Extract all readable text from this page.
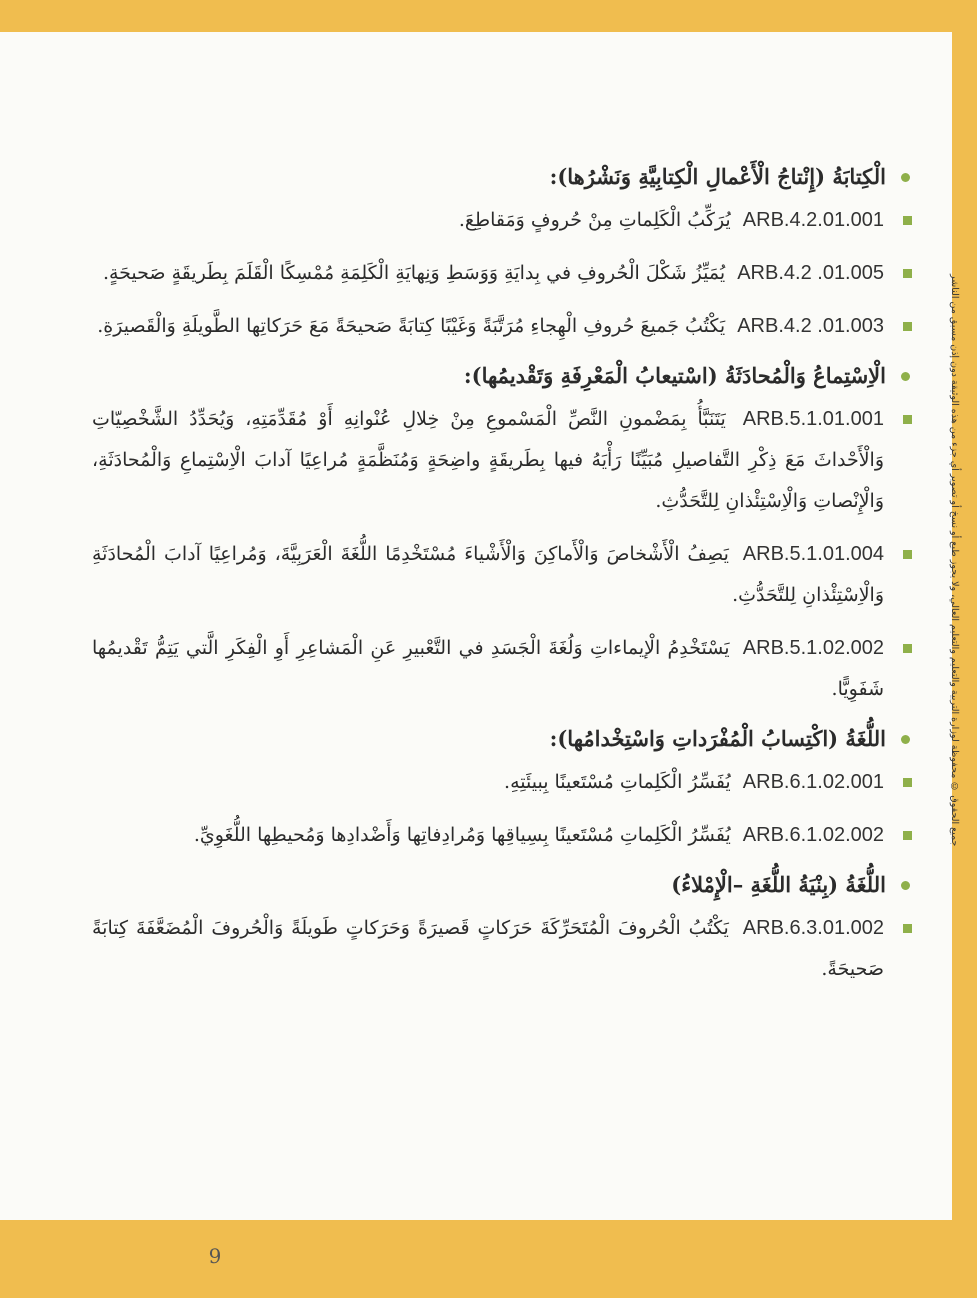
جميع الحقوق © محفوظة لوزارة التربية والتعليم والتعليم العالي، ولا يجوز طبع أو نسخ أو تصوير أي جزء من هذه الوثيقة دون إذن مسبق من الناشر
الْكِتابَةُ (إِنْتاجُ الْأَعْمالِ الْكِتابِيَّةِ وَنَشْرُها):
ARB.4.2.01.001 يُرَكِّبُ الْكَلِماتِ مِنْ حُروفٍ وَمَقاطِعَ.
ARB.4.2 .01.005 يُمَيِّزُ شَكْلَ الْحُروفِ في بِدايَةِ وَوَسَطِ وَنِهايَةِ الْكَلِمَةِ مُمْسِكًا الْقَلَمَ بِطَريقَةٍ صَحيحَةٍ.
ARB.4.2 .01.003 يَكْتُبُ جَميعَ حُروفِ الْهِجاءِ مُرَتَّبَةً وَغَيْبًا كِتابَةً صَحيحَةً مَعَ حَرَكاتِها الطَّويلَةِ وَالْقَصيرَةِ.
الْاِسْتِماعُ وَالْمُحادَثَةُ (اسْتيعابُ الْمَعْرِفَةِ وَتَقْديمُها):
ARB.5.1.01.001 يَتَنَبَّأُ بِمَضْمونِ النَّصِّ الْمَسْموعِ مِنْ خِلالِ عُنْوانِهِ أَوْ مُقَدِّمَتِهِ، وَيُحَدِّدُ الشَّخْصِيّاتِ وَالْأَحْداثَ مَعَ ذِكْرِ التَّفاصيلِ مُبَيِّنًا رَأْيَهُ فيها بِطَريقَةٍ واضِحَةٍ وَمُنَظَّمَةٍ مُراعِيًا آدابَ الْاِسْتِماعِ وَالْمُحادَثَةِ، وَالْإِنْصاتِ وَالْاِسْتِئْذانِ لِلتَّحَدُّثِ.
ARB.5.1.01.004 يَصِفُ الْأَشْخاصَ وَالْأَماكِنَ وَالْأَشْياءَ مُسْتَخْدِمًا اللُّغَةَ الْعَرَبِيَّةَ، وَمُراعِيًا آدابَ الْمُحادَثَةِ وَالْاِسْتِئْذانِ لِلتَّحَدُّثِ.
ARB.5.1.02.002 يَسْتَخْدِمُ الْإيماءاتِ وَلُغَةَ الْجَسَدِ في التَّعْبيرِ عَنِ الْمَشاعِرِ أَوِ الْفِكَرِ الَّتي يَتِمُّ تَقْديمُها شَفَوِيًّا.
اللُّغَةُ (اكْتِسابُ الْمُفْرَداتِ وَاسْتِخْدامُها):
ARB.6.1.02.001 يُفَسِّرُ الْكَلِماتِ مُسْتَعينًا بِبيئَتِهِ.
ARB.6.1.02.002 يُفَسِّرُ الْكَلِماتِ مُسْتَعينًا بِسِياقِها وَمُرادِفاتِها وَأَضْدادِها وَمُحيطِها اللُّغَوِيِّ.
اللُّغَةُ (بِنْيَةُ اللُّغَةِ –الْإِمْلاءُ)
ARB.6.3.01.002 يَكْتُبُ الْحُروفَ الْمُتَحَرِّكَةَ حَرَكاتٍ قَصيرَةً وَحَرَكاتٍ طَويلَةً وَالْحُروفَ الْمُضَعَّفَةَ كِتابَةً صَحيحَةً.
9
